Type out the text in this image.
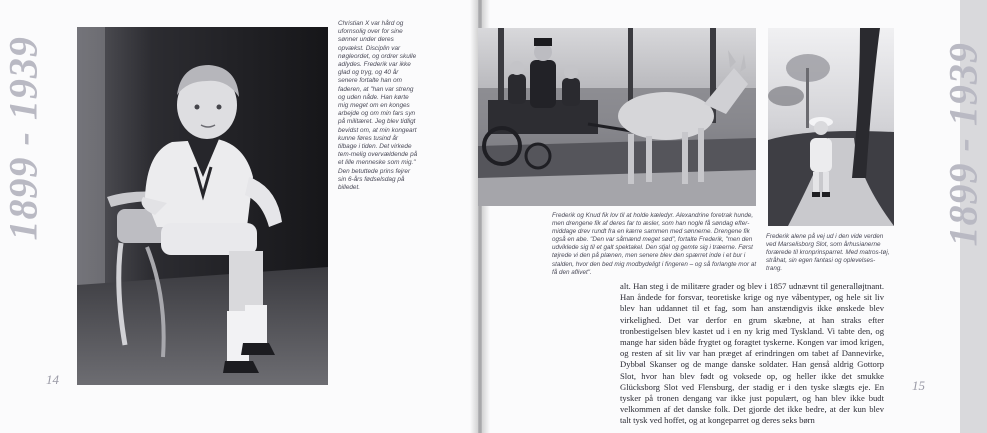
1899 - 1939	1899 - 1939
14	15
Christian X var hård og ufornsolig over for sine sønner under deres opvækst. Disciplin var nøgleordet, og ordrer skulle adlydes. Frederik var ikke glad og tryg, og 40 år senere fortalte han om faderen, at "han var streng og uden nåde. Han kørte mig meget om en konges arbejde og om min fars syn på militæret. Jeg blev tidligt bevidst om, at min kongeart kunne føres tusind år tilbage i tiden. Det virkede tem-melig overvældende på et lille menneske som mig." Den betuttede prins fejrer sin 6-års fødselsdag på billedet.
Frederik og Knud fik lov til at holde kæledyr. Alexandrine foretrak hunde, men drengene fik af deres far to æsler, som han nogle få søndag efter-middage drev rundt fra en kærre sammen med sønnerne. Drengene fik også en abe. "Den var såmænd meget sød", fortalte Frederik, "men den udviklede sig til et galt spektakel. Den stjal og gemte sig i træerne. Først tøjrede vi den på plænen, men senere blev den spærret inde i et bur i stalden, hvor den bed mig modbydeligt i fingeren – og så forlangte mor at få den aflivet".
Frederik alene på vej ud i den vide verden ved Marselisborg Slot, som århusianerne forærede til kronprinsparret. Med matros-tøj, stråhat, sin egen fantasi og oplevelses-trang.
alt. Han steg i de militære grader og blev i 1857 udnævnt til generalløjtnant. Han åndede for forsvar, teoretiske krige og nye våbentyper, og hele sit liv blev han uddannet til et fag, som han anstændigvis ikke ønskede blev virkelighed. Det var derfor en grum skæbne, at han straks efter tronbestigelsen blev kastet ud i en ny krig med Tyskland. Vi tabte den, og mange har siden både frygtet og foragtet tyskerne. Kongen var imod krigen, og resten af sit liv var han præget af erindringen om tabet af Dannevirke, Dybbøl Skanser og de mange danske soldater. Han genså aldrig Gottorp Slot, hvor han blev født og voksede op, og heller ikke det smukke Glücksborg Slot ved Flensburg, der stadig er i den tyske slægts eje. En tysker på tronen dengang var ikke just populært, og han blev ikke budt velkommen af det danske folk. Det gjorde det ikke bedre, at der kun blev talt tysk ved hoffet, og at kongeparret og deres seks børn
